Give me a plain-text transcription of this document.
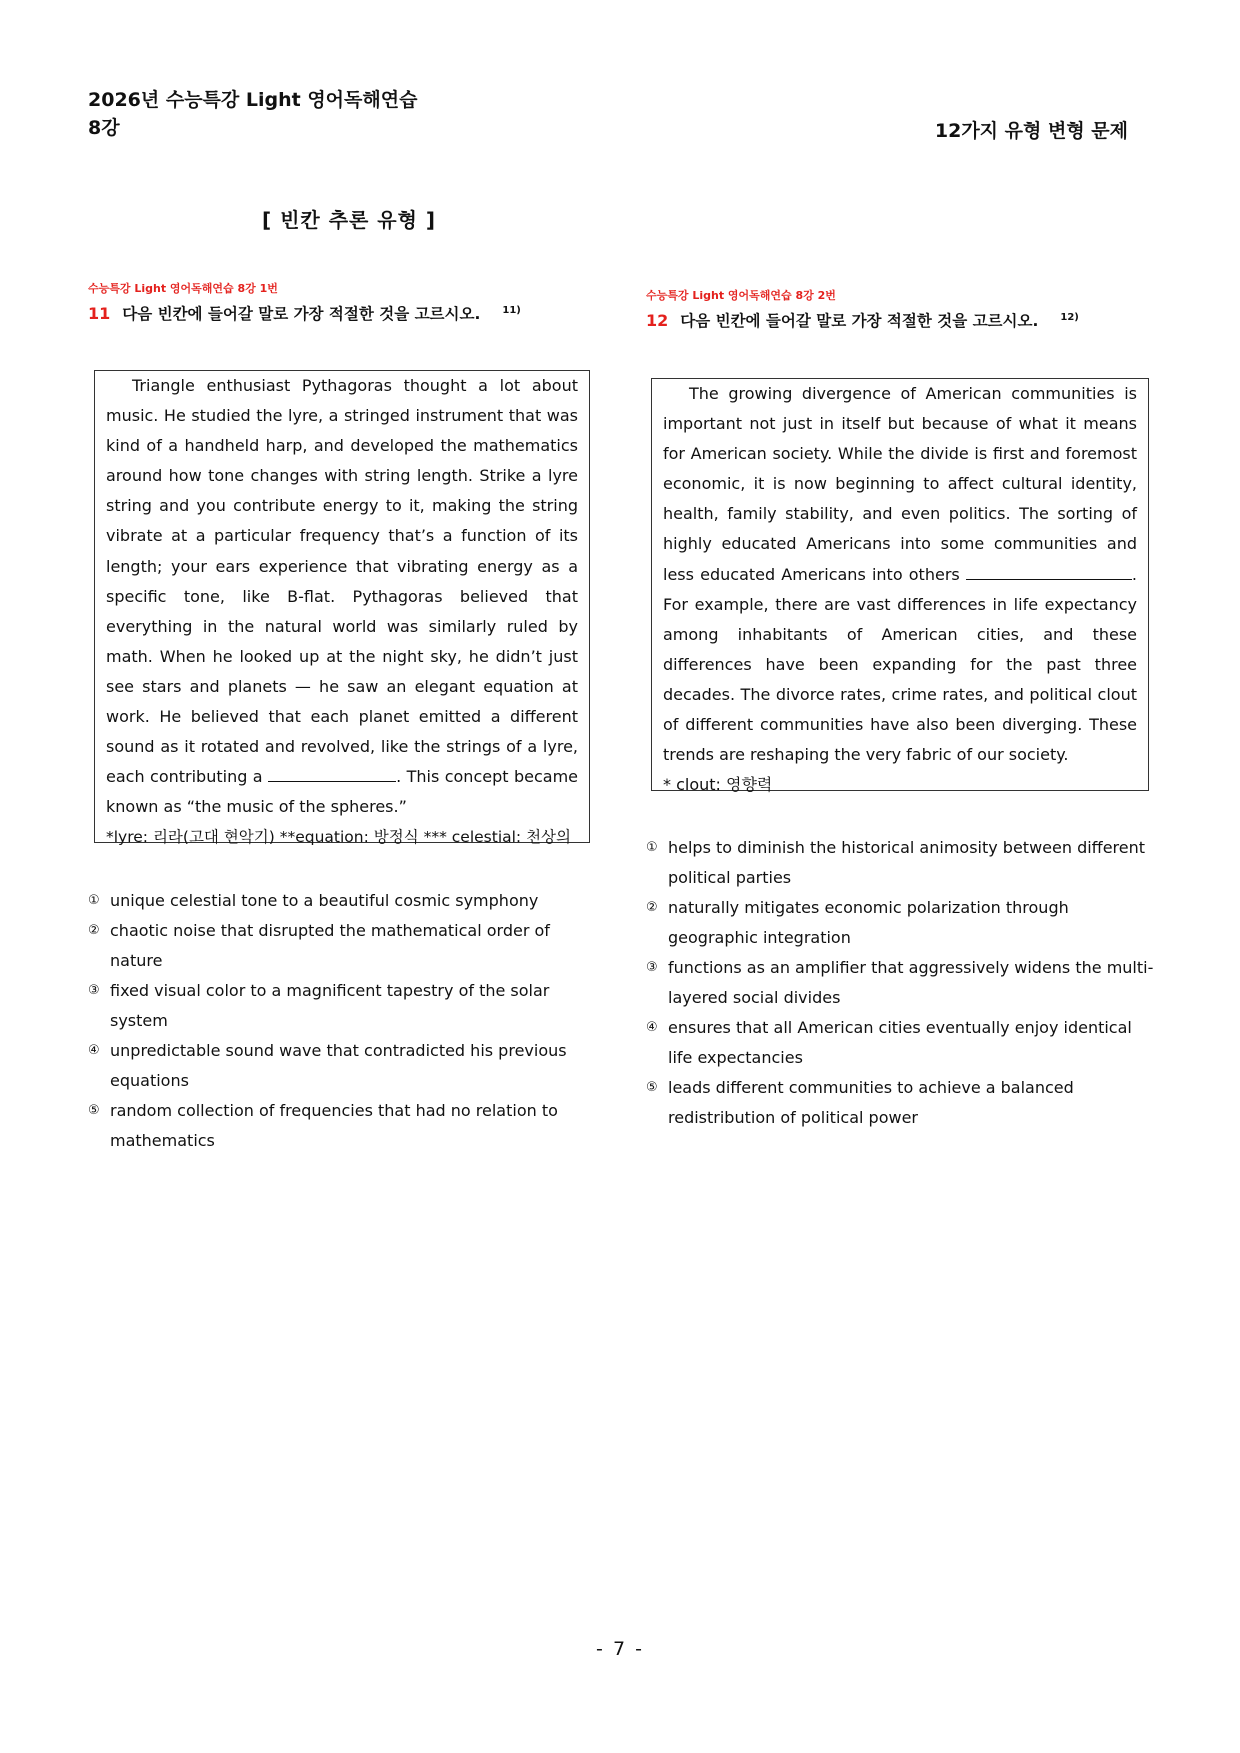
2026년 수능특강 Light 영어독해연습
8강	12가지 유형 변형 문제
[ 빈칸 추론 유형 ]
수능특강 Light 영어독해연습 8강 1번
11 다음 빈칸에 들어갈 말로 가장 적절한 것을 고르시오. $^{11)}$

Triangle enthusiast Pythagoras thought a lot about music. He studied the lyre, a stringed instrument that was kind of a handheld harp, and developed the mathematics around how tone changes with string length. Strike a lyre string and you contribute energy to it, making the string vibrate at a particular frequency that’s a function of its length; your ears experience that vibrating energy as a specific tone, like B-flat. Pythagoras believed that everything in the natural world was similarly ruled by math. When he looked up at the night sky, he didn’t just see stars and planets — he saw an elegant equation at work. He believed that each planet emitted a different sound as it rotated and revolved, like the strings of a lyre, each contributing a	. This concept became known as “the music of the spheres.”

*lyre: 리라(고대 현악기) **equation: 방정식 *** celestial: 천상의
① unique celestial tone to a beautiful cosmic symphony
② chaotic noise that disrupted the mathematical order of nature
③ fixed visual color to a magnificent tapestry of the solar system
④ unpredictable sound wave that contradicted his previous equations
⑤ random collection of frequencies that had no relation to mathematics
수능특강 Light 영어독해연습 8강 2번
12 다음 빈칸에 들어갈 말로 가장 적절한 것을 고르시오. $^{12)}$

The growing divergence of American communities is important not just in itself but because of what it means for American society. While the divide is first and foremost economic, it is now beginning to affect cultural identity, health, family stability, and even politics. The sorting of highly educated Americans into some communities and less educated Americans into others	. For example, there are vast differences in life expectancy among inhabitants of American cities, and these differences have been expanding for the past three decades. The divorce rates, crime rates, and political clout of different communities have also been diverging. These trends are reshaping the very fabric of our society.

* clout: 영향력
① helps to diminish the historical animosity between different political parties
② naturally mitigates economic polarization through geographic integration
③ functions as an amplifier that aggressively widens the multi-layered social divides
④ ensures that all American cities eventually enjoy identical life expectancies
⑤ leads different communities to achieve a balanced redistribution of political power
- 7 -
